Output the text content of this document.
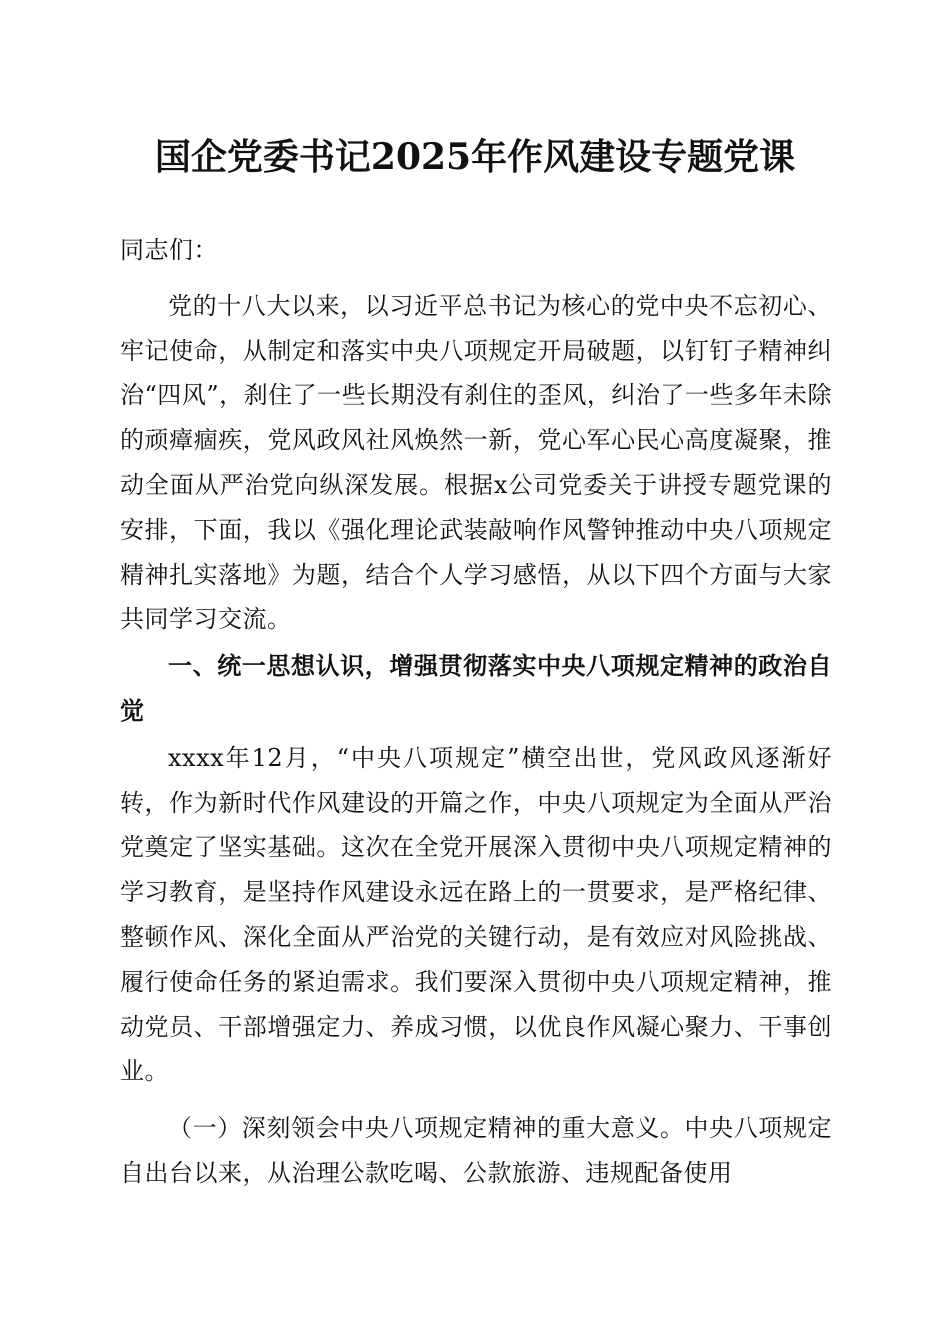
国企党委书记2025年作风建设专题党课

同志们：

党的十八大以来，以习近平总书记为核心的党中央不忘初心、牢记使命，从制定和落实中央八项规定开局破题，以钉钉子精神纠治“四风”，刹住了一些长期没有刹住的歪风，纠治了一些多年未除的顽瘴痼疾，党风政风社风焕然一新，党心军心民心高度凝聚，推动全面从严治党向纵深发展。根据x公司党委关于讲授专题党课的安排，下面，我以《强化理论武装敲响作风警钟推动中央八项规定精神扎实落地》为题，结合个人学习感悟，从以下四个方面与大家共同学习交流。

一、统一思想认识，增强贯彻落实中央八项规定精神的政治自觉

xxxx年12月，“中央八项规定”横空出世，党风政风逐渐好转，作为新时代作风建设的开篇之作，中央八项规定为全面从严治党奠定了坚实基础。这次在全党开展深入贯彻中央八项规定精神的学习教育，是坚持作风建设永远在路上的一贯要求，是严格纪律、整顿作风、深化全面从严治党的关键行动，是有效应对风险挑战、履行使命任务的紧迫需求。我们要深入贯彻中央八项规定精神，推动党员、干部增强定力、养成习惯，以优良作风凝心聚力、干事创业。

（一）深刻领会中央八项规定精神的重大意义。中央八项规定自出台以来，从治理公款吃喝、公款旅游、违规配备使用
